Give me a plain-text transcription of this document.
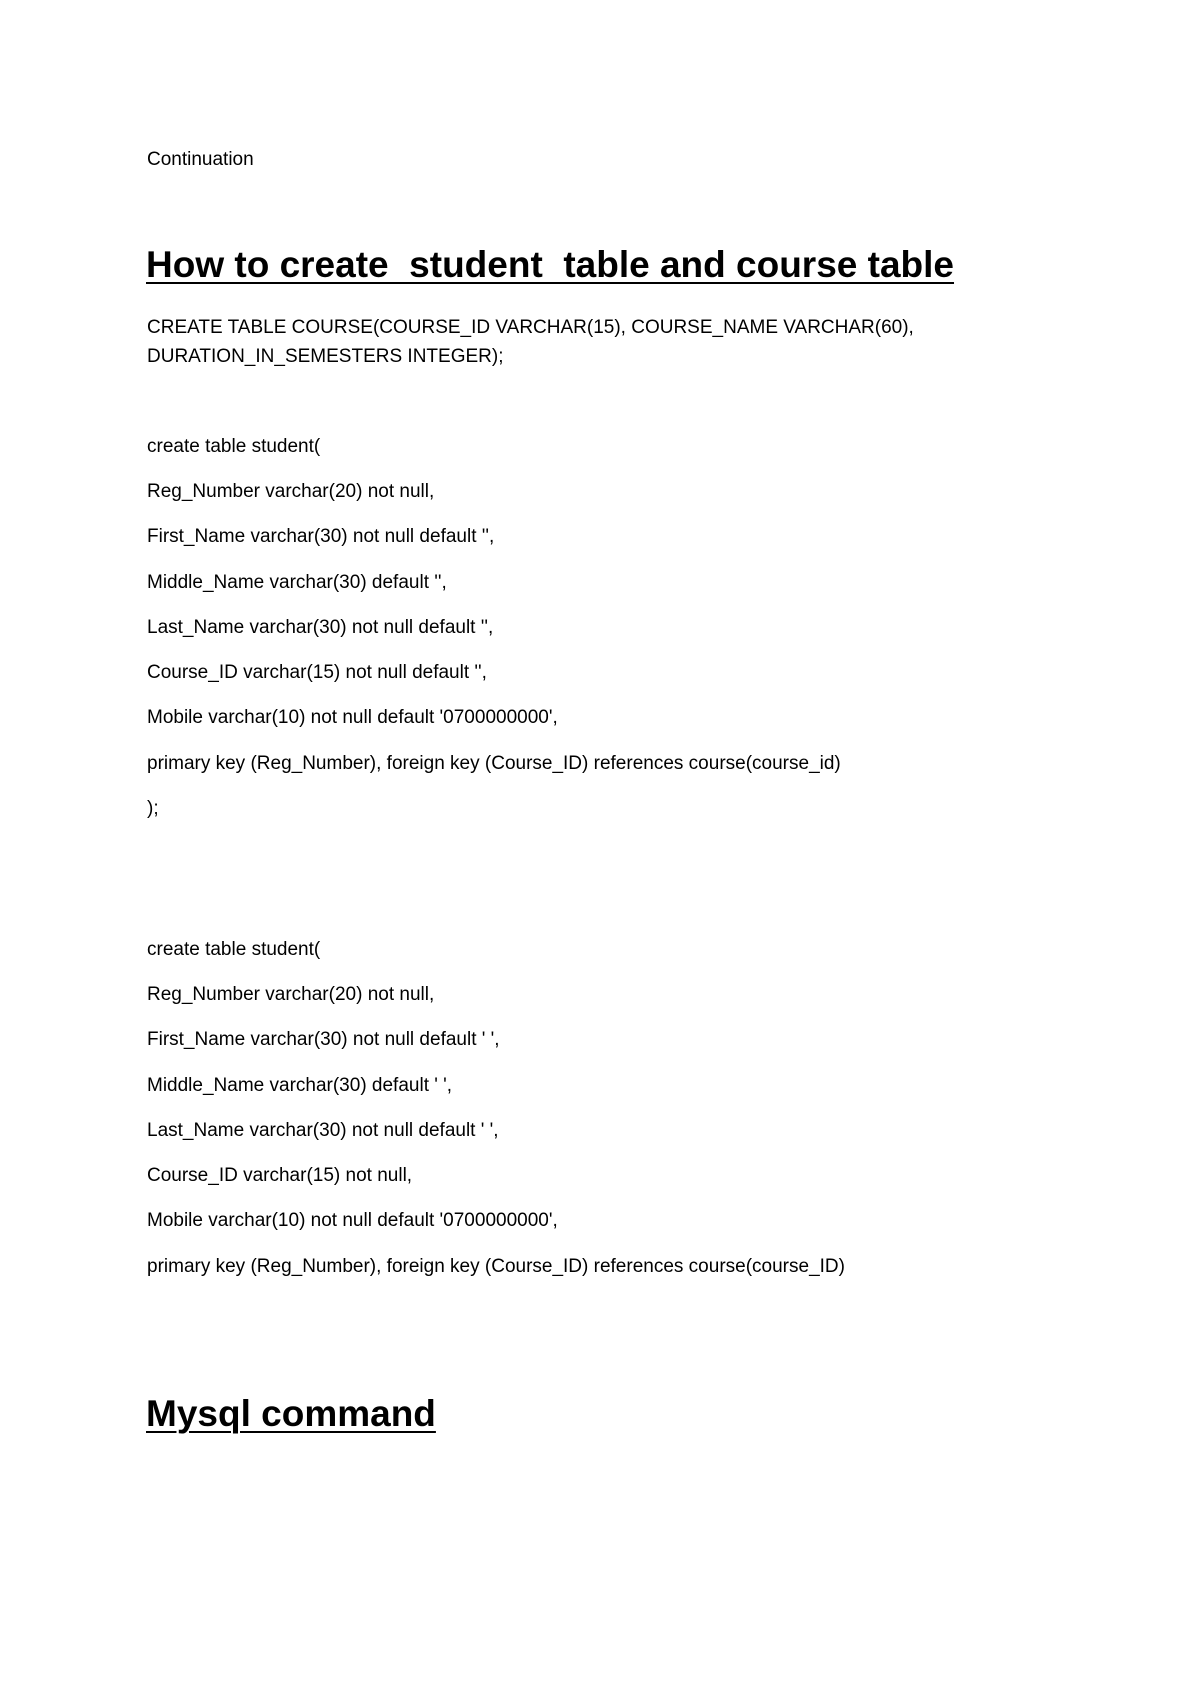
Continuation
How to create  student  table and course table
CREATE TABLE COURSE(COURSE_ID VARCHAR(15), COURSE_NAME VARCHAR(60),
DURATION_IN_SEMESTERS INTEGER);
create table student(
Reg_Number varchar(20) not null,
First_Name varchar(30) not null default '',
Middle_Name varchar(30) default '',
Last_Name varchar(30) not null default '',
Course_ID varchar(15) not null default '',
Mobile varchar(10) not null default '0700000000',
primary key (Reg_Number), foreign key (Course_ID) references course(course_id)
);
create table student(
Reg_Number varchar(20) not null,
First_Name varchar(30) not null default ' ',
Middle_Name varchar(30) default ' ',
Last_Name varchar(30) not null default ' ',
Course_ID varchar(15) not null,
Mobile varchar(10) not null default '0700000000',
primary key (Reg_Number), foreign key (Course_ID) references course(course_ID)
Mysql command
